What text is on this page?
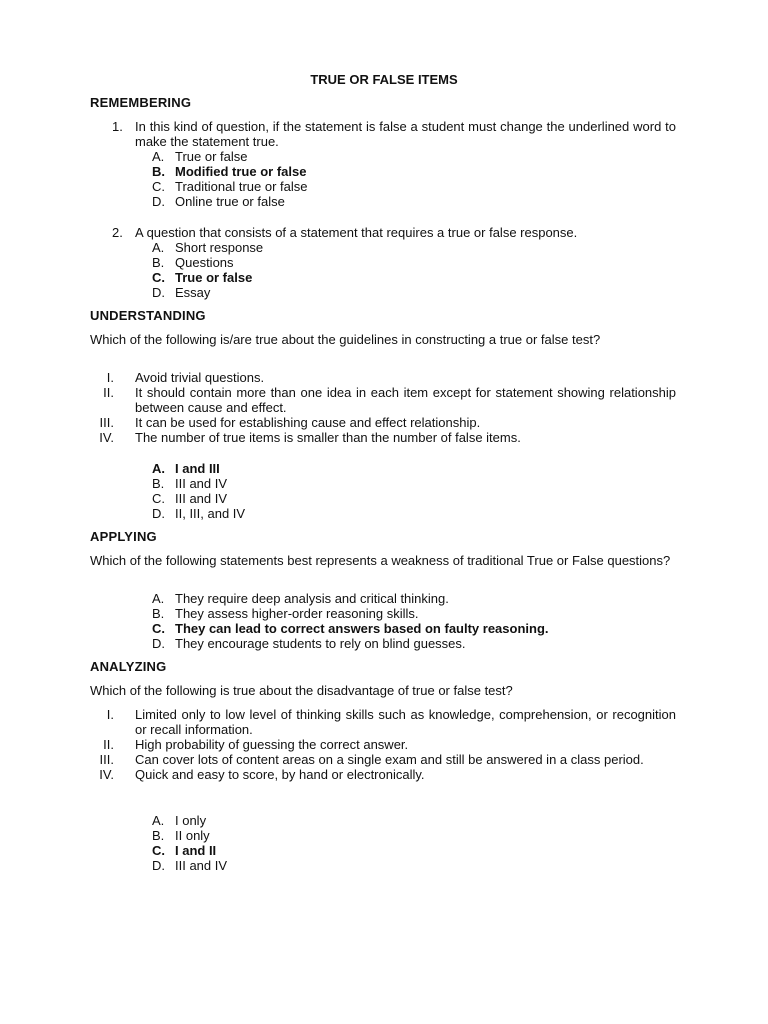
TRUE OR FALSE ITEMS
REMEMBERING
1. In this kind of question, if the statement is false a student must change the underlined word to make the statement true.
A. True or false
B. Modified true or false
C. Traditional true or false
D. Online true or false
2. A question that consists of a statement that requires a true or false response.
A. Short response
B. Questions
C. True or false
D. Essay
UNDERSTANDING
Which of the following is/are true about the guidelines in constructing a true or false test?
I. Avoid trivial questions.
II. It should contain more than one idea in each item except for statement showing relationship between cause and effect.
III. It can be used for establishing cause and effect relationship.
IV. The number of true items is smaller than the number of false items.
A. I and III
B. III and IV
C. III and IV
D. II, III, and IV
APPLYING
Which of the following statements best represents a weakness of traditional True or False questions?
A. They require deep analysis and critical thinking.
B. They assess higher-order reasoning skills.
C. They can lead to correct answers based on faulty reasoning.
D. They encourage students to rely on blind guesses.
ANALYZING
Which of the following is true about the disadvantage of true or false test?
I. Limited only to low level of thinking skills such as knowledge, comprehension, or recognition or recall information.
II. High probability of guessing the correct answer.
III. Can cover lots of content areas on a single exam and still be answered in a class period.
IV. Quick and easy to score, by hand or electronically.
A. I only
B. II only
C. I and II
D. III and IV
